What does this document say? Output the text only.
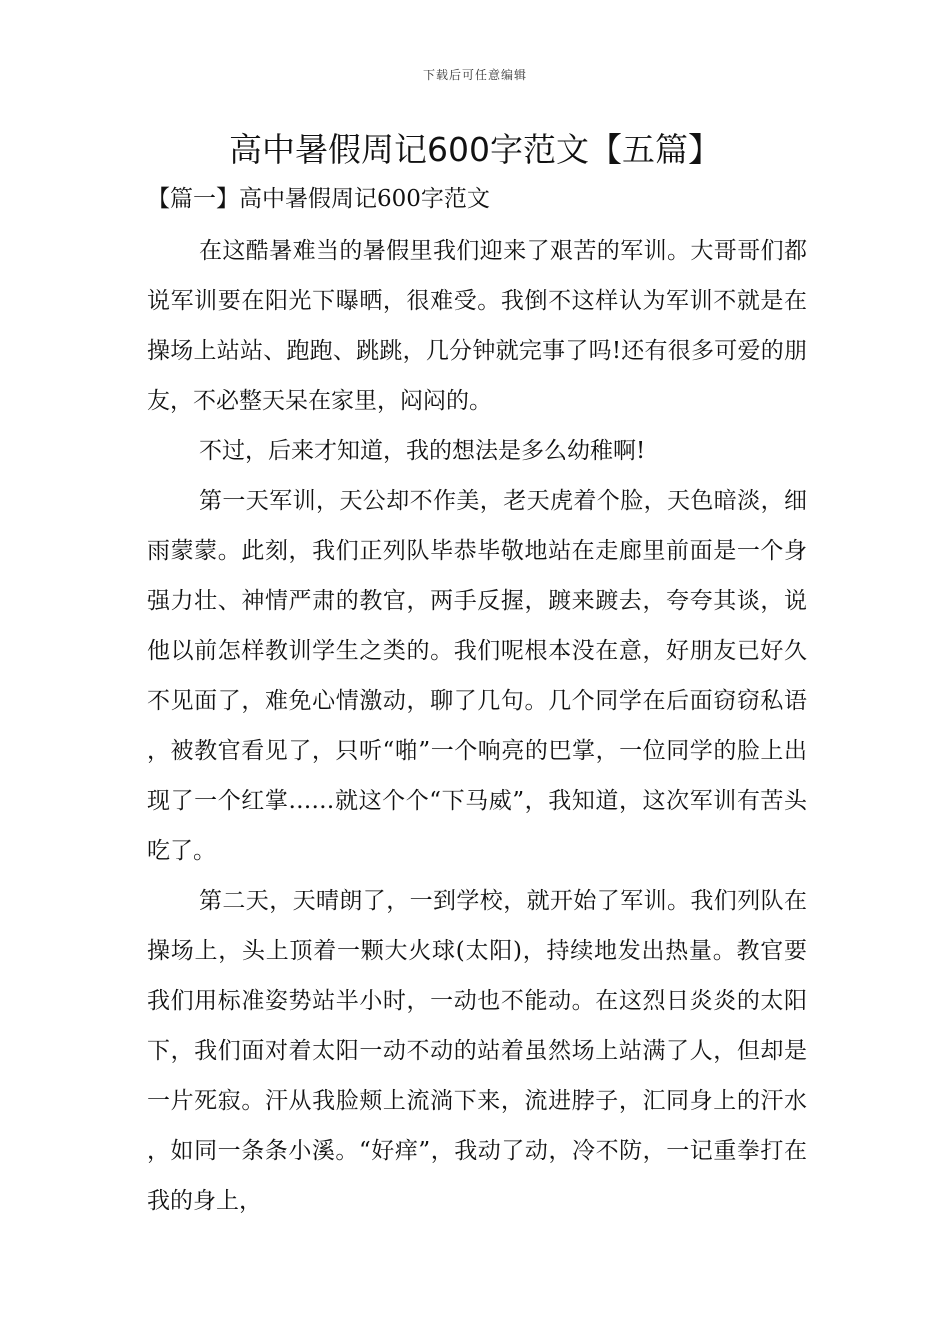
下载后可任意编辑
高中暑假周记600字范文【五篇】
【篇一】高中暑假周记600字范文

在这酷暑难当的暑假里我们迎来了艰苦的军训。大哥哥们都说军训要在阳光下曝晒，很难受。我倒不这样认为军训不就是在操场上站站、跑跑、跳跳，几分钟就完事了吗!还有很多可爱的朋友，不必整天呆在家里，闷闷的。

不过，后来才知道，我的想法是多么幼稚啊!

第一天军训，天公却不作美，老天虎着个脸，天色暗淡，细雨蒙蒙。此刻，我们正列队毕恭毕敬地站在走廊里前面是一个身强力壮、神情严肃的教官，两手反握，踱来踱去，夸夸其谈，说他以前怎样教训学生之类的。我们呢根本没在意，好朋友已好久不见面了，难免心情激动，聊了几句。几个同学在后面窃窃私语，被教官看见了，只听“啪”一个响亮的巴掌，一位同学的脸上出现了一个红掌……就这个个“下马威”，我知道，这次军训有苦头吃了。

第二天，天晴朗了，一到学校，就开始了军训。我们列队在操场上，头上顶着一颗大火球(太阳)，持续地发出热量。教官要我们用标准姿势站半小时，一动也不能动。在这烈日炎炎的太阳下，我们面对着太阳一动不动的站着虽然场上站满了人，但却是一片死寂。汗从我脸颊上流淌下来，流进脖子，汇同身上的汗水，如同一条条小溪。“好痒”，我动了动，冷不防，一记重拳打在我的身上，
